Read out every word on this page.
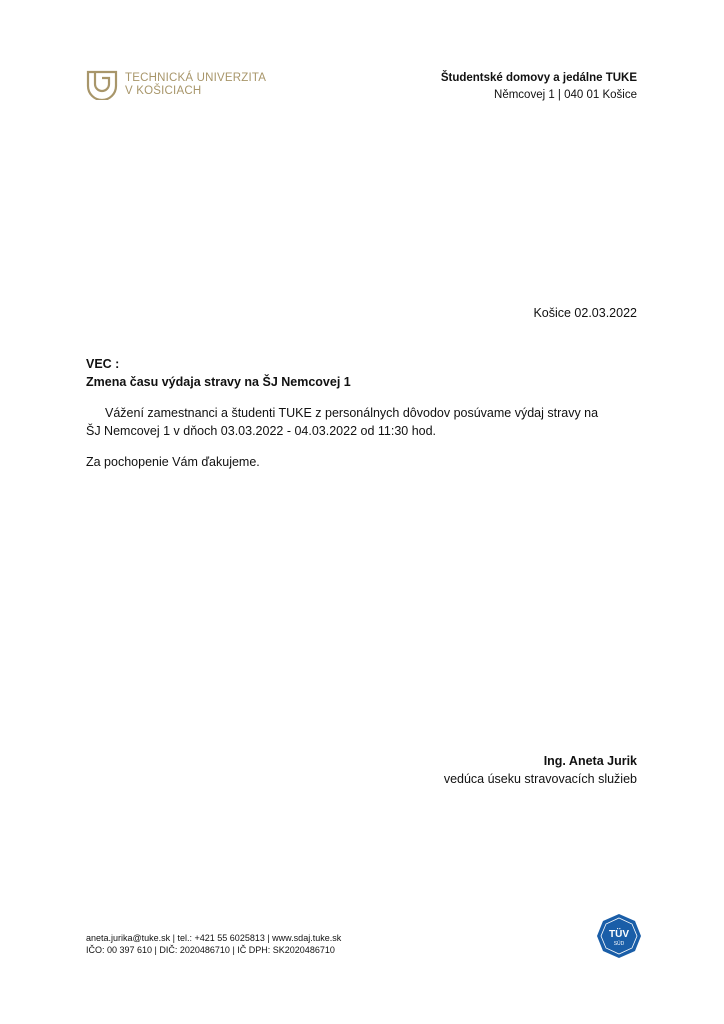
TECHNICKÁ UNIVERZITA
V KOŠICIACH
Študentské domovy a jedálne TUKE
Němcovej 1 | 040 01 Košice
Košice 02.03.2022
VEC :
Zmena času výdaja stravy na ŠJ Nemcovej 1

Vážení zamestnanci a študenti TUKE z personálnych dôvodov posúvame výdaj stravy na

ŠJ Nemcovej 1 v dňoch 03.03.2022 - 04.03.2022 od 11:30 hod.

Za pochopenie Vám ďakujeme.
Ing. Aneta Jurik
vedúca úseku stravovacích služieb
aneta.jurika@tuke.sk | tel.: +421 55 6025813 | www.sdaj.tuke.sk
IČO: 00 397 610 | DIČ: 2020486710 | IČ DPH: SK2020486710
TÜV
SÜD
